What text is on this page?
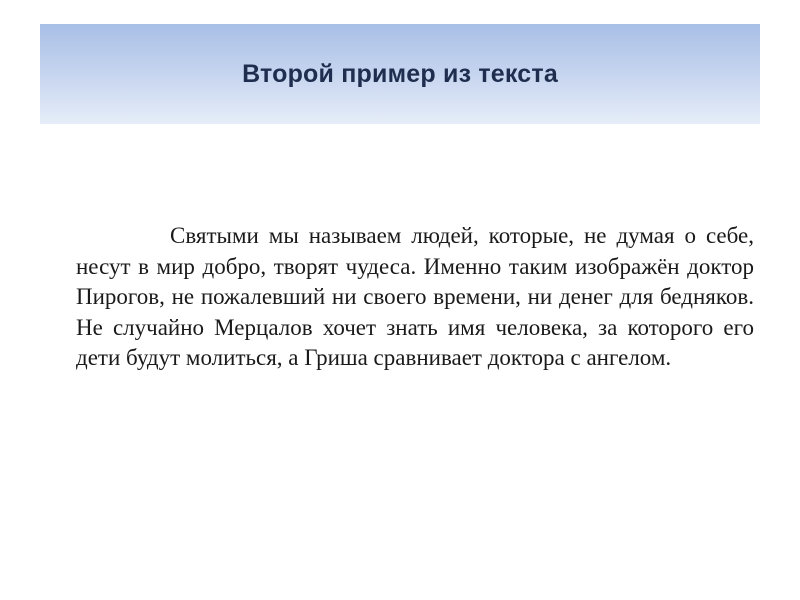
Второй пример из текста

Святыми мы называем людей, которые, не думая о себе, несут в мир добро, творят чудеса. Именно таким изображён доктор Пирогов, не пожалевший ни своего времени, ни денег для бедняков. Не случайно Мерцалов хочет знать имя человека, за которого его дети будут молиться, а Гриша сравнивает доктора с ангелом.
